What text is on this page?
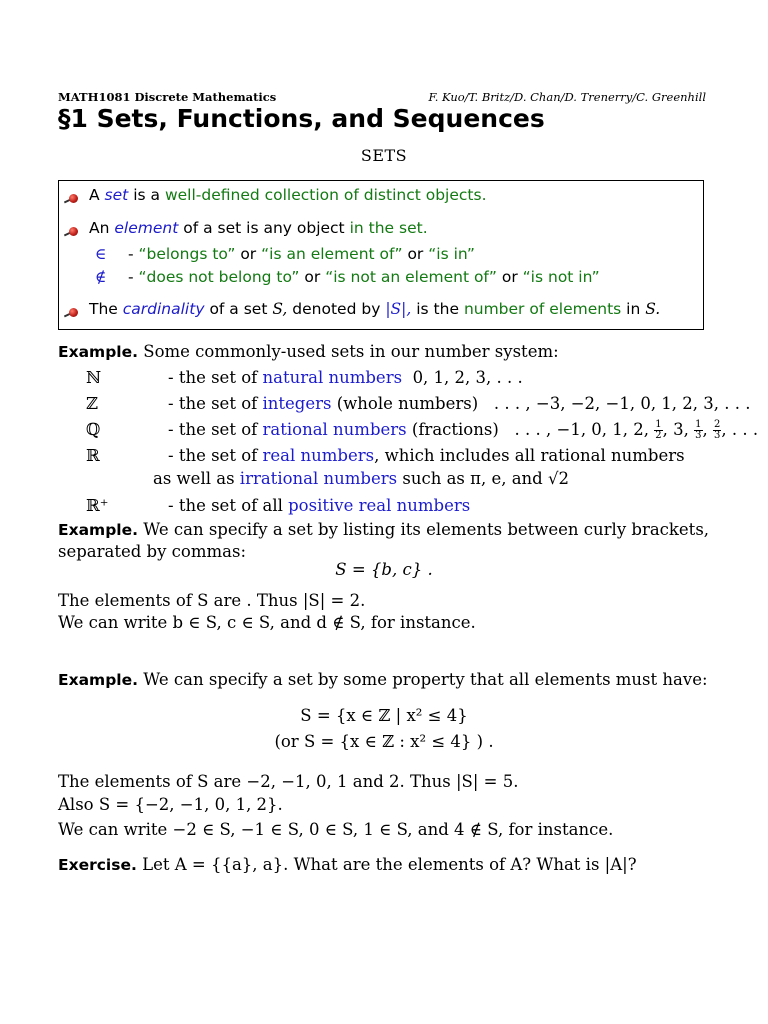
MATH1081 Discrete Mathematics	F. Kuo/T. Britz/D. Chan/D. Trenerry/C. Greenhill
§1 Sets, Functions, and Sequences
SETS
A set is a well-defined collection of distinct objects.
An element of a set is any object in the set.
∈ - “belongs to” or “is an element of” or “is in”
∉ - “does not belong to” or “is not an element of” or “is not in”
The cardinality of a set S, denoted by |S|, is the number of elements in S.
Example. Some commonly-used sets in our number system:
ℕ	- the set of natural numbers 0, 1, 2, 3, . . .
ℤ	- the set of integers (whole numbers) . . . , −3, −2, −1, 0, 1, 2, 3, . . .
ℚ	- the set of rational numbers (fractions) . . . , −1, 0, 1, 2, $\frac{1}{2}$ , 3, $\frac{1}{3}$ , $\frac{2}{3}$ , . . .
ℝ	- the set of real numbers, which includes all rational numbers
as well as irrational numbers such as π, e, and √2
ℝ⁺	- the set of all positive real numbers
Example. We can specify a set by listing its elements between curly brackets,
separated by commas:
S = {b, c} .
The elements of S are . Thus |S| = 2.
We can write b ∈ S, c ∈ S, and d ∉ S, for instance.
Example. We can specify a set by some property that all elements must have:
S = {x ∈ ℤ | x² ≤ 4}
(or S = {x ∈ ℤ : x² ≤ 4} ) .
The elements of S are −2, −1, 0, 1 and 2. Thus |S| = 5.
Also S = {−2, −1, 0, 1, 2}.
We can write −2 ∈ S, −1 ∈ S, 0 ∈ S, 1 ∈ S, and 4 ∉ S, for instance.
Exercise. Let A = {{a}, a}. What are the elements of A? What is |A|?
